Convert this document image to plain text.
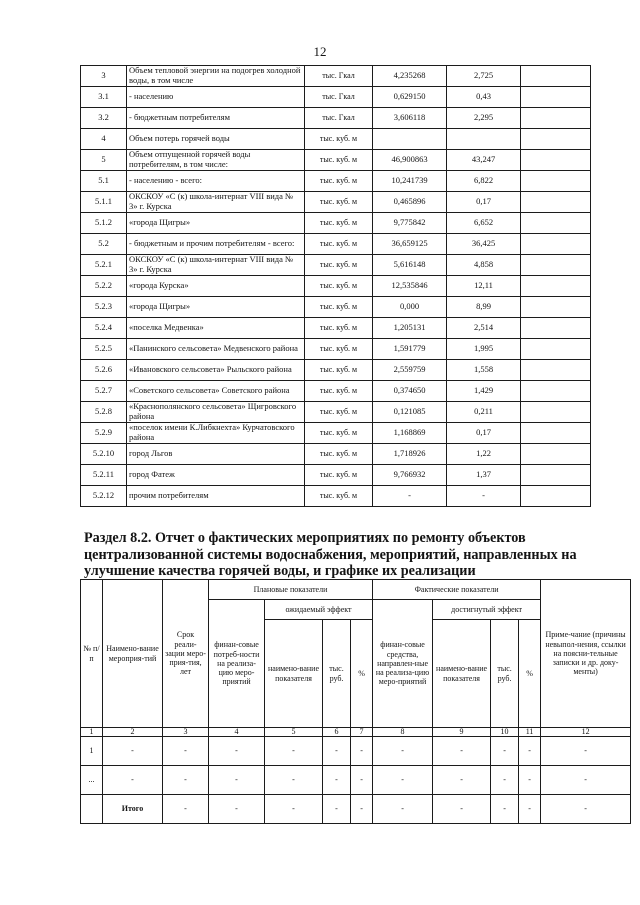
12
3	Объем тепловой энергии на подогрев холодной воды, в том числе	тыс. Гкал	4,235268	2,725	
3.1	- населению	тыс. Гкал	0,629150	0,43	
3.2	- бюджетным потребителям	тыс. Гкал	3,606118	2,295	
4	Объем потерь горячей воды	тыс. куб. м			
5	Объем отпущенной горячей воды потребителям, в том числе:	тыс. куб. м	46,900863	43,247	
5.1	- населению - всего:	тыс. куб. м	10,241739	6,822	
5.1.1	ОКСКОУ «С (к) школа-интернат VIII вида № 3» г. Курска	тыс. куб. м	0,465896	0,17	
5.1.2	«города Щигры»	тыс. куб. м	9,775842	6,652	
5.2	- бюджетным и прочим потребителям - всего:	тыс. куб. м	36,659125	36,425	
5.2.1	ОКСКОУ «С (к) школа-интернат VIII вида № 3» г. Курска	тыс. куб. м	5,616148	4,858	
5.2.2	«города Курска»	тыс. куб. м	12,535846	12,11	
5.2.3	«города Щигры»	тыс. куб. м	0,000	8,99	
5.2.4	«поселка Медвенка»	тыс. куб. м	1,205131	2,514	
5.2.5	«Панинского сельсовета» Медвенского района	тыс. куб. м	1,591779	1,995	
5.2.6	«Ивановского сельсовета» Рыльского района	тыс. куб. м	2,559759	1,558	
5.2.7	«Советского сельсовета» Советского района	тыс. куб. м	0,374650	1,429	
5.2.8	«Краснополянского сельсовета» Щигровского района	тыс. куб. м	0,121085	0,211	
5.2.9	«поселок имени К.Либкнехта» Курчатовского района	тыс. куб. м	1,168869	0,17	
5.2.10	город Льгов	тыс. куб. м	1,718926	1,22	
5.2.11	город Фатеж	тыс. куб. м	9,766932	1,37	
5.2.12	прочим потребителям	тыс. куб. м	-	-	
Раздел 8.2. Отчет о фактических мероприятиях по ремонту объектов
централизованной системы водоснабжения, мероприятий, направленных на
улучшение качества горячей воды, и графике их реализации
№ п/п	Наимено-вание мероприя-тий	Срок реали-зации меро-прия-тия, лет	Плановые показатели				Фактические показатели				Приме-чание (причины невыпол-нения, ссылки на поясни-тельные записки и др. доку-менты)
			финан-совые потреб-ности на реализа-цию меро-приятий	ожидаемый эффект			финан-совые средства, направлен-ные на реализа-цию меро-приятий	достигнутый эффект			
				наимено-вание показателя	тыс. руб.	%		наимено-вание показателя	тыс. руб.	%	
1	2	3	4	5	6	7	8	9	10	11	12
1	-	-	-	-	-	-	-	-	-	-	-
...	-	-	-	-	-	-	-	-	-	-	-
	Итого	-	-	-	-	-	-	-	-	-	-
